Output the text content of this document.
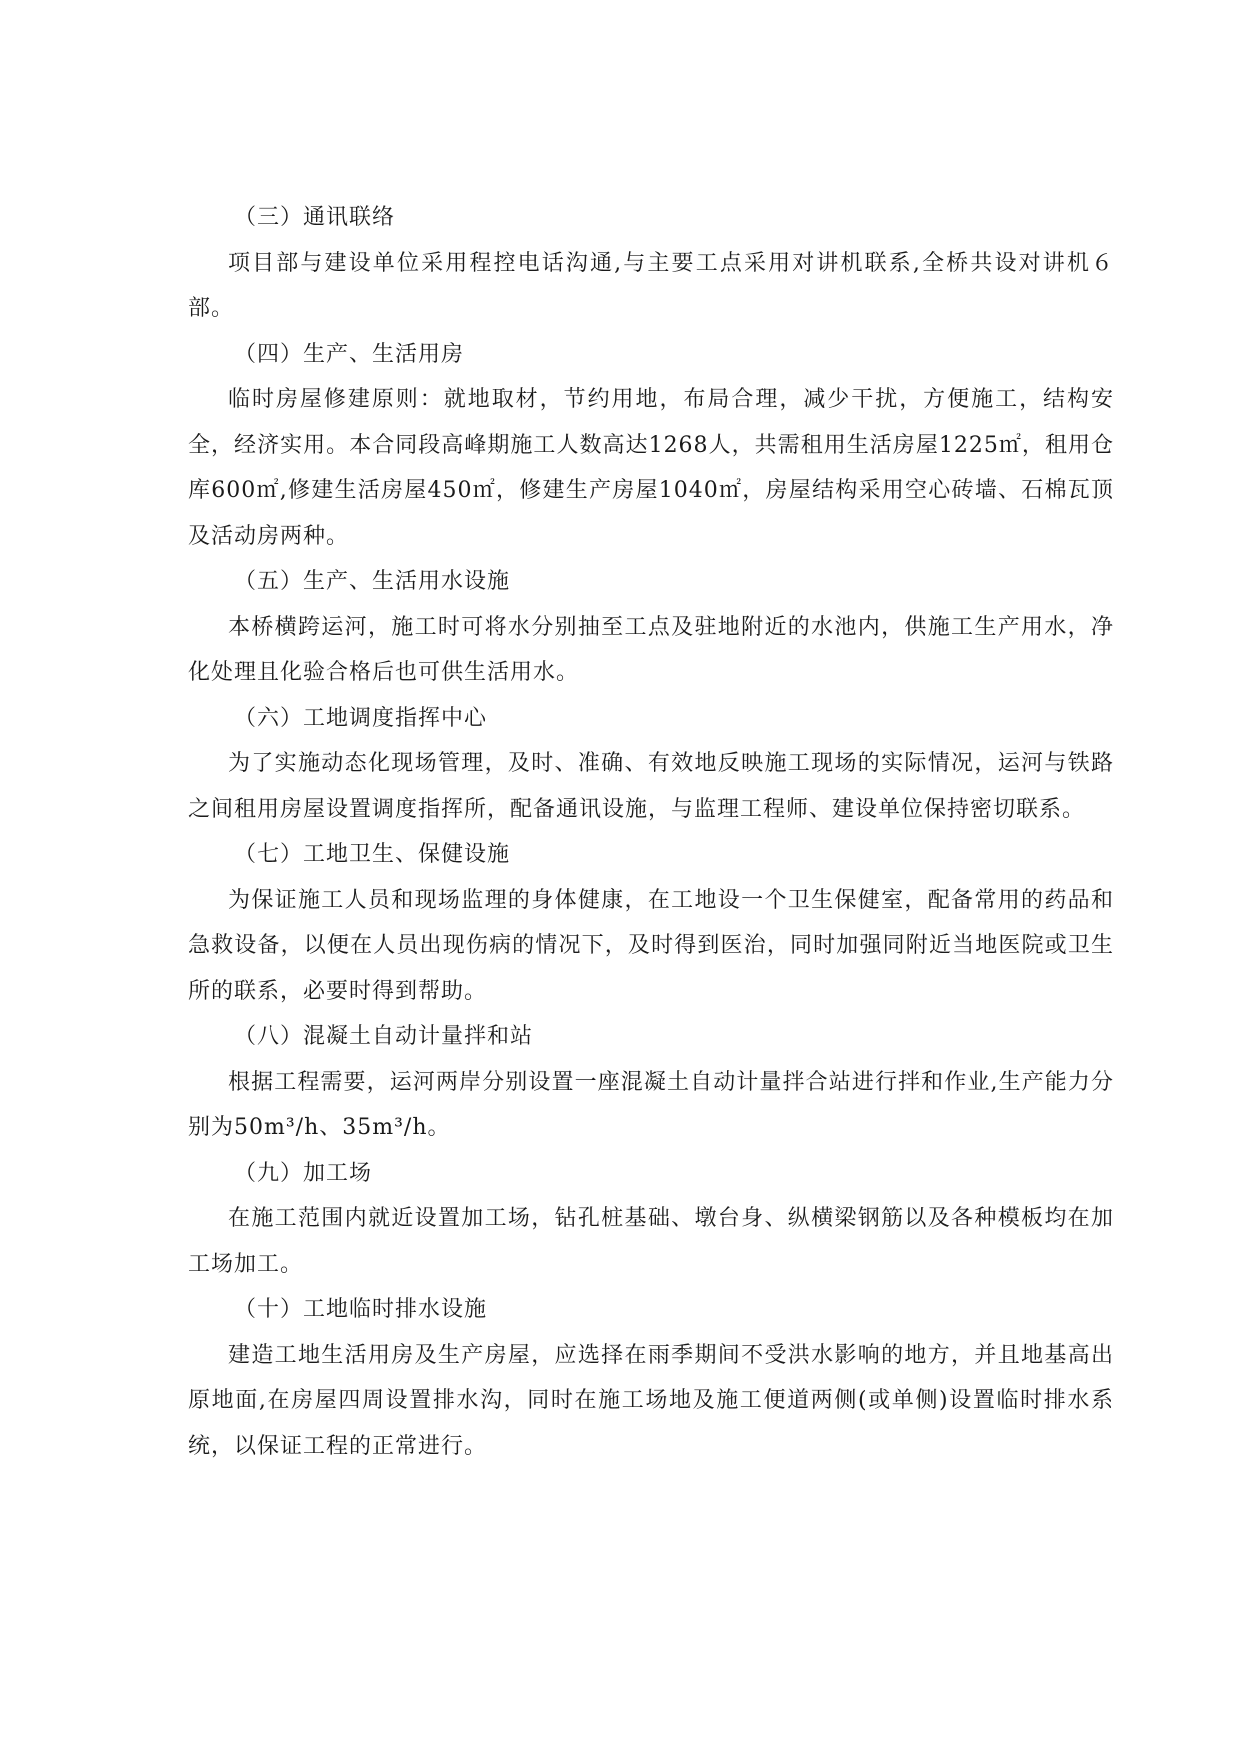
（三）通讯联络

项目部与建设单位采用程控电话沟通,与主要工点采用对讲机联系,全桥共设对讲机６部。

（四）生产、生活用房

临时房屋修建原则：就地取材，节约用地，布局合理，减少干扰，方便施工，结构安全，经济实用。本合同段高峰期施工人数高达1268人，共需租用生活房屋1225㎡，租用仓库600㎡,修建生活房屋450㎡，修建生产房屋1040㎡，房屋结构采用空心砖墙、石棉瓦顶及活动房两种。

（五）生产、生活用水设施

本桥横跨运河，施工时可将水分别抽至工点及驻地附近的水池内，供施工生产用水，净化处理且化验合格后也可供生活用水。

（六）工地调度指挥中心

为了实施动态化现场管理，及时、准确、有效地反映施工现场的实际情况，运河与铁路之间租用房屋设置调度指挥所，配备通讯设施，与监理工程师、建设单位保持密切联系。

（七）工地卫生、保健设施

为保证施工人员和现场监理的身体健康，在工地设一个卫生保健室，配备常用的药品和急救设备，以便在人员出现伤病的情况下，及时得到医治，同时加强同附近当地医院或卫生所的联系，必要时得到帮助。

（八）混凝土自动计量拌和站

根据工程需要，运河两岸分别设置一座混凝土自动计量拌合站进行拌和作业,生产能力分别为50m³/h、35m³/h。

（九）加工场

在施工范围内就近设置加工场，钻孔桩基础、墩台身、纵横梁钢筋以及各种模板均在加工场加工。

（十）工地临时排水设施

建造工地生活用房及生产房屋，应选择在雨季期间不受洪水影响的地方，并且地基高出原地面,在房屋四周设置排水沟，同时在施工场地及施工便道两侧(或单侧)设置临时排水系统，以保证工程的正常进行。
